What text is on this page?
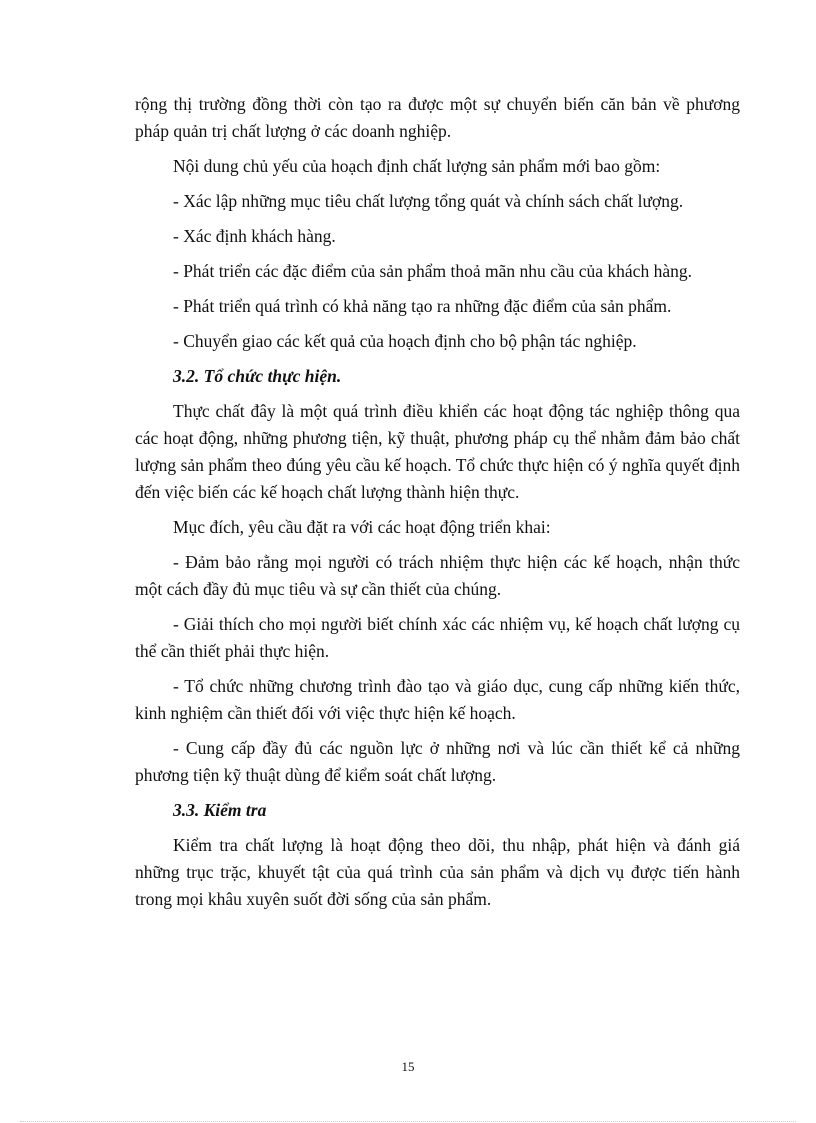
rộng thị trường đồng thời còn tạo ra được một sự chuyển biến căn bản về phương pháp quản trị chất lượng ở các doanh nghiệp.

Nội dung chủ yếu của hoạch định chất lượng sản phẩm mới bao gồm:

- Xác lập những mục tiêu chất lượng tổng quát và chính sách chất lượng.

- Xác định khách hàng.

- Phát triển các đặc điểm của sản phẩm thoả mãn nhu cầu của khách hàng.

- Phát triển quá trình có khả năng tạo ra những đặc điểm của sản phẩm.

- Chuyển giao các kết quả của hoạch định cho bộ phận tác nghiệp.

3.2. Tổ chức thực hiện.

Thực chất đây là một quá trình điều khiển các hoạt động tác nghiệp thông qua các hoạt động, những phương tiện, kỹ thuật, phương pháp cụ thể nhằm đảm bảo chất lượng sản phẩm theo đúng yêu cầu kế hoạch. Tổ chức thực hiện có ý nghĩa quyết định đến việc biến các kế hoạch chất lượng thành hiện thực.

Mục đích, yêu cầu đặt ra với các hoạt động triển khai:

- Đảm bảo rằng mọi người có trách nhiệm thực hiện các kế hoạch, nhận thức một cách đầy đủ mục tiêu và sự cần thiết của chúng.

- Giải thích cho mọi người biết chính xác các nhiệm vụ, kế hoạch chất lượng cụ thể cần thiết phải thực hiện.

- Tổ chức những chương trình đào tạo và giáo dục, cung cấp những kiến thức, kinh nghiệm cần thiết đối với việc thực hiện kế hoạch.

- Cung cấp đầy đủ các nguồn lực ở những nơi và lúc cần thiết kể cả những phương tiện kỹ thuật dùng để kiểm soát chất lượng.

3.3. Kiểm tra

Kiểm tra chất lượng là hoạt động theo dõi, thu nhập, phát hiện và đánh giá những trục trặc, khuyết tật của quá trình của sản phẩm và dịch vụ được tiến hành trong mọi khâu xuyên suốt đời sống của sản phẩm.

15
